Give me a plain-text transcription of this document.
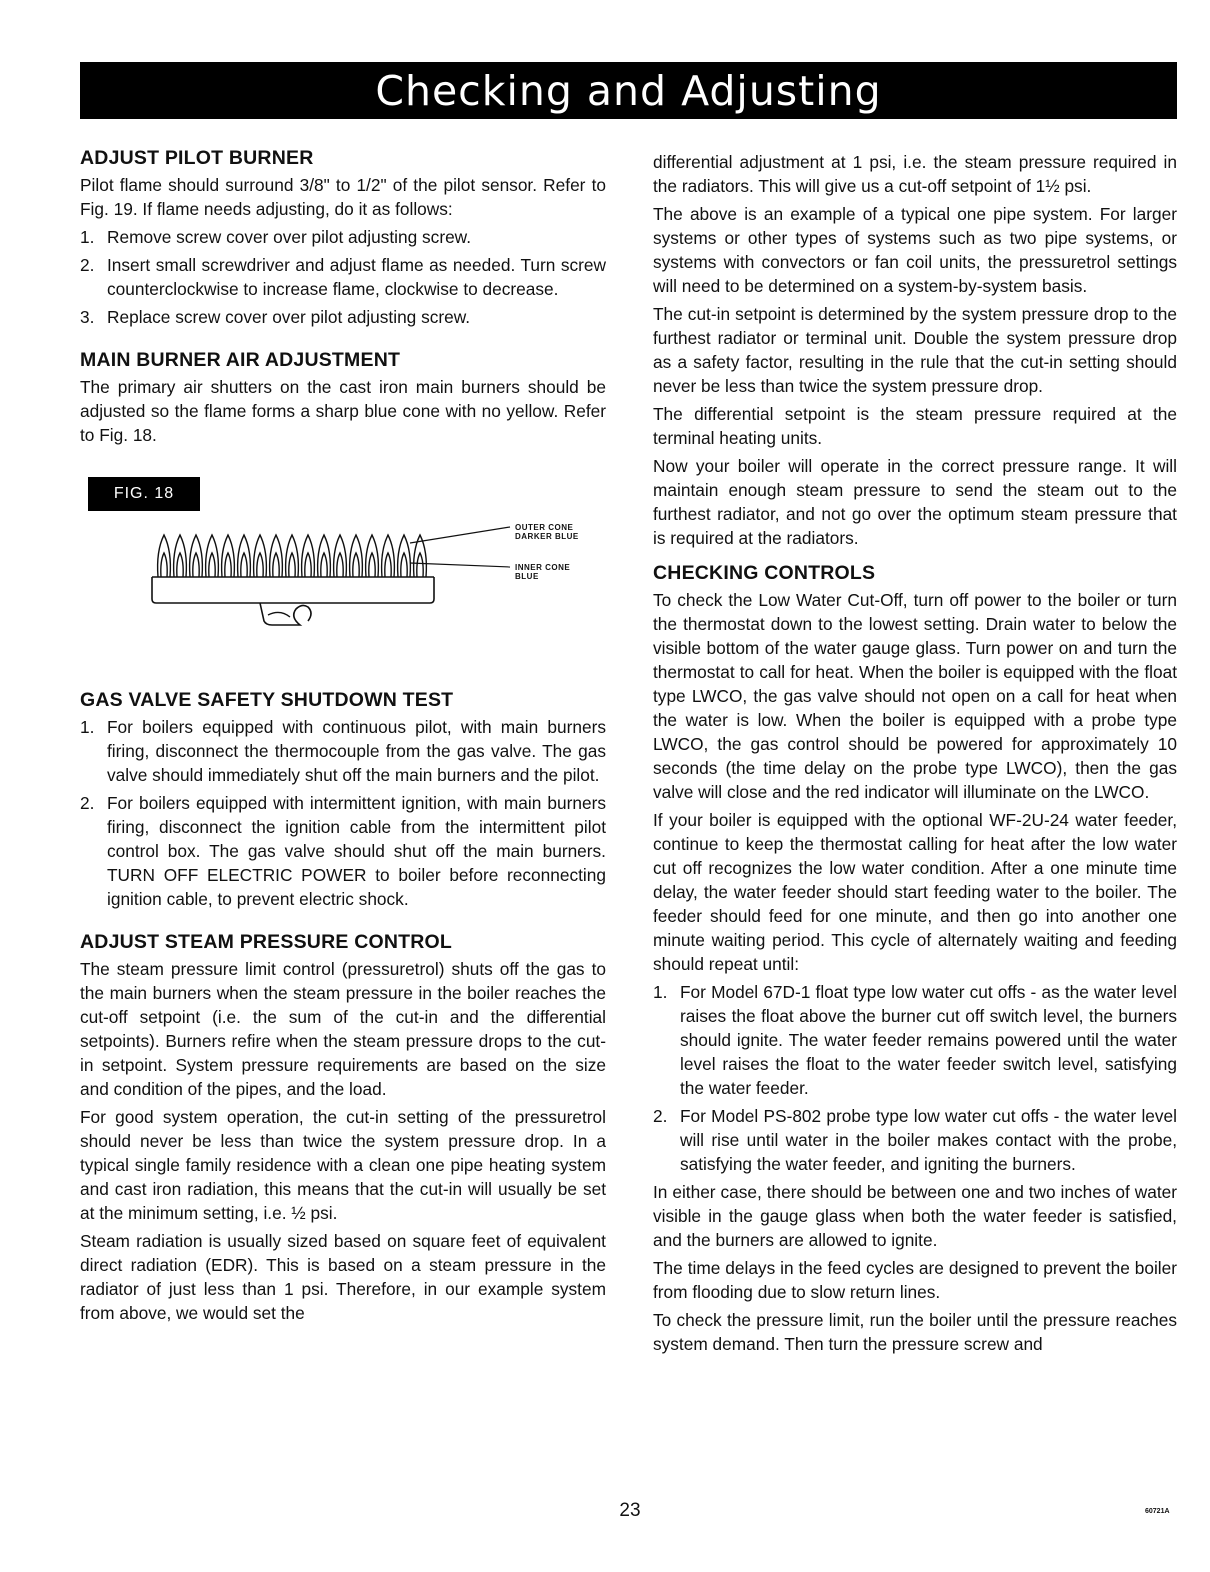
Checking and Adjusting
ADJUST PILOT BURNER

Pilot flame should surround 3/8" to 1/2" of the pilot sensor. Refer to Fig. 19. If flame needs adjusting, do it as follows:

1. Remove screw cover over pilot adjusting screw.
2. Insert small screwdriver and adjust flame as needed. Turn screw counterclockwise to increase flame, clockwise to decrease.
3. Replace screw cover over pilot adjusting screw.
MAIN BURNER AIR ADJUSTMENT

The primary air shutters on the cast iron main burners should be adjusted so the flame forms a sharp blue cone with no yellow. Refer to Fig. 18.

FIG. 18
OUTER CONE
DARKER BLUE
INNER CONE
BLUE
GAS VALVE SAFETY SHUTDOWN TEST
1. For boilers equipped with continuous pilot, with main burners firing, disconnect the thermocouple from the gas valve. The gas valve should immediately shut off the main burners and the pilot.
2. For boilers equipped with intermittent ignition, with main burners firing, disconnect the ignition cable from the intermittent pilot control box. The gas valve should shut off the main burners. TURN OFF ELECTRIC POWER to boiler before reconnecting ignition cable, to prevent electric shock.
ADJUST STEAM PRESSURE CONTROL

The steam pressure limit control (pressuretrol) shuts off the gas to the main burners when the steam pressure in the boiler reaches the cut-off setpoint (i.e. the sum of the cut-in and the differential setpoints). Burners refire when the steam pressure drops to the cut-in setpoint. System pressure requirements are based on the size and condition of the pipes, and the load.

For good system operation, the cut-in setting of the pressuretrol should never be less than twice the system pressure drop. In a typical single family residence with a clean one pipe heating system and cast iron radiation, this means that the cut-in will usually be set at the minimum setting, i.e. ½ psi.

Steam radiation is usually sized based on square feet of equivalent direct radiation (EDR). This is based on a steam pressure in the radiator of just less than 1 psi. Therefore, in our example system from above, we would set the

differential adjustment at 1 psi, i.e. the steam pressure required in the radiators. This will give us a cut-off setpoint of 1½ psi.

The above is an example of a typical one pipe system. For larger systems or other types of systems such as two pipe systems, or systems with convectors or fan coil units, the pressuretrol settings will need to be determined on a system-by-system basis.

The cut-in setpoint is determined by the system pressure drop to the furthest radiator or terminal unit. Double the system pressure drop as a safety factor, resulting in the rule that the cut-in setting should never be less than twice the system pressure drop.

The differential setpoint is the steam pressure required at the terminal heating units.

Now your boiler will operate in the correct pressure range. It will maintain enough steam pressure to send the steam out to the furthest radiator, and not go over the optimum steam pressure that is required at the radiators.

CHECKING CONTROLS

To check the Low Water Cut-Off, turn off power to the boiler or turn the thermostat down to the lowest setting. Drain water to below the visible bottom of the water gauge glass. Turn power on and turn the thermostat to call for heat. When the boiler is equipped with the float type LWCO, the gas valve should not open on a call for heat when the water is low. When the boiler is equipped with a probe type LWCO, the gas control should be powered for approximately 10 seconds (the time delay on the probe type LWCO), then the gas valve will close and the red indicator will illuminate on the LWCO.

If your boiler is equipped with the optional WF-2U-24 water feeder, continue to keep the thermostat calling for heat after the low water cut off recognizes the low water condition. After a one minute time delay, the water feeder should start feeding water to the boiler. The feeder should feed for one minute, and then go into another one minute waiting period. This cycle of alternately waiting and feeding should repeat until:

1. For Model 67D-1 float type low water cut offs - as the water level raises the float above the burner cut off switch level, the burners should ignite. The water feeder remains powered until the water level raises the float to the water feeder switch level, satisfying the water feeder.
2. For Model PS-802 probe type low water cut offs - the water level will rise until water in the boiler makes contact with the probe, satisfying the water feeder, and igniting the burners.

In either case, there should be between one and two inches of water visible in the gauge glass when both the water feeder is satisfied, and the burners are allowed to ignite.

The time delays in the feed cycles are designed to prevent the boiler from flooding due to slow return lines.

To check the pressure limit, run the boiler until the pressure reaches system demand. Then turn the pressure screw and

23	60721A
